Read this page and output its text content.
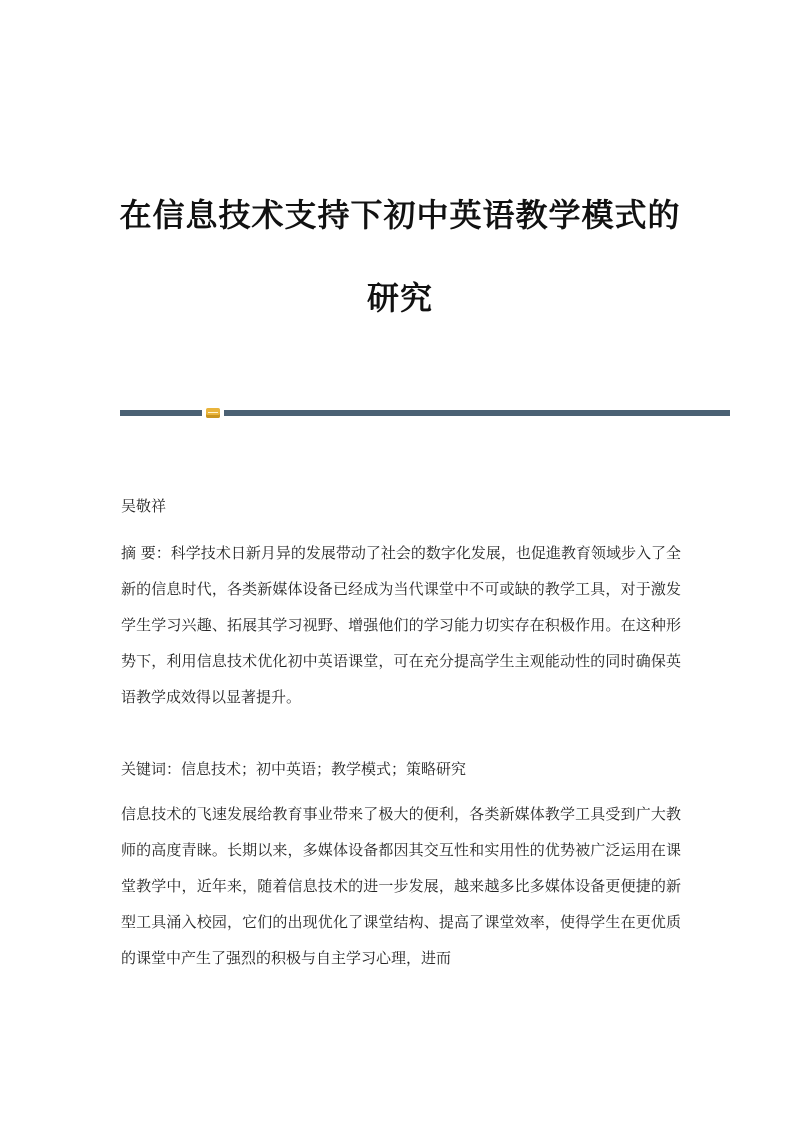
在信息技术支持下初中英语教学模式的
研究

吴敬祥

摘 要：科学技术日新月异的发展带动了社会的数字化发展，也促進教育领域步入了全新的信息时代，各类新媒体设备已经成为当代课堂中不可或缺的教学工具，对于激发学生学习兴趣、拓展其学习视野、增强他们的学习能力切实存在积极作用。在这种形势下，利用信息技术优化初中英语课堂，可在充分提高学生主观能动性的同时确保英语教学成效得以显著提升。

关键词：信息技术；初中英语；教学模式；策略研究

信息技术的飞速发展给教育事业带来了极大的便利，各类新媒体教学工具受到广大教师的高度青睐。长期以来，多媒体设备都因其交互性和实用性的优势被广泛运用在课堂教学中，近年来，随着信息技术的进一步发展，越来越多比多媒体设备更便捷的新型工具涌入校园，它们的出现优化了课堂结构、提高了课堂效率，使得学生在更优质的课堂中产生了强烈的积极与自主学习心理，进而
